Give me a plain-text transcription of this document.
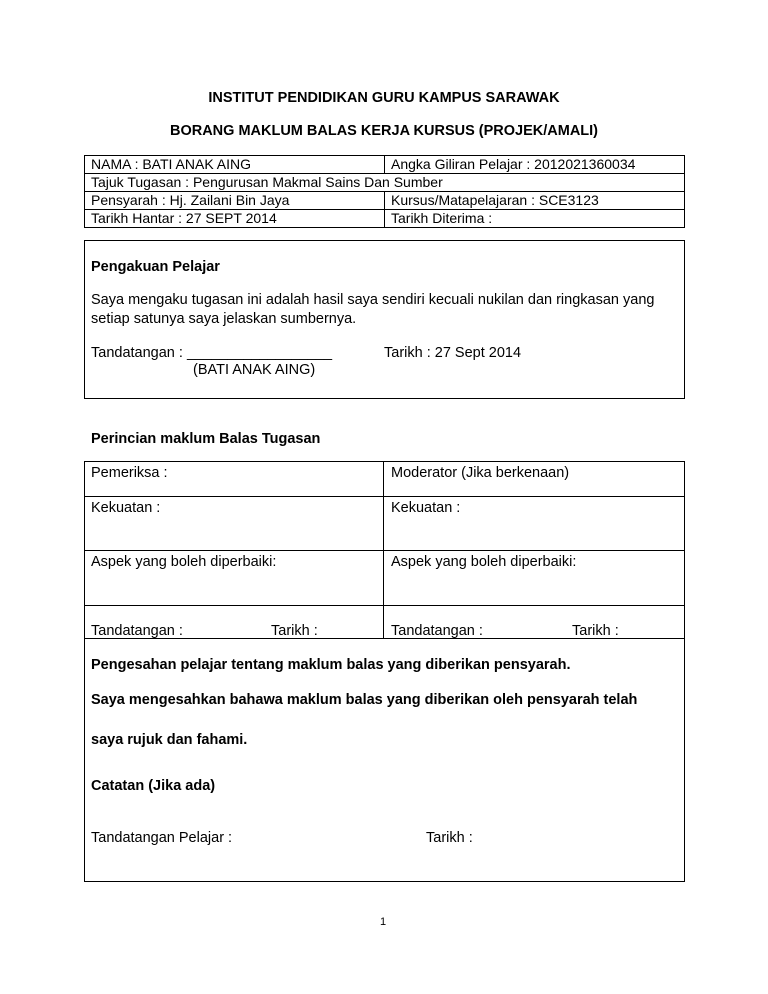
INSTITUT PENDIDIKAN GURU KAMPUS SARAWAK
BORANG MAKLUM BALAS KERJA KURSUS (PROJEK/AMALI)
NAMA : BATI ANAK AING	Angka Giliran Pelajar : 2012021360034
Tajuk Tugasan : Pengurusan Makmal Sains Dan Sumber	
Pensyarah : Hj. Zailani Bin Jaya	Kursus/Matapelajaran : SCE3123
Tarikh Hantar : 27 SEPT 2014	Tarikh Diterima :
Pengakuan Pelajar
Saya mengaku tugasan ini adalah hasil saya sendiri kecuali nukilan dan ringkasan yang
setiap satunya saya jelaskan sumbernya.
Tandatangan : __________________	Tarikh : 27 Sept 2014
(BATI ANAK AING)
Perincian maklum Balas Tugasan
Pemeriksa :	Moderator (Jika berkenaan)
Kekuatan :	Kekuatan :
Aspek yang boleh diperbaiki:	Aspek yang boleh diperbaiki:
Tandatangan :	Tarikh :	Tandatangan :	Tarikh :
Pengesahan pelajar tentang maklum balas yang diberikan pensyarah.
Saya mengesahkan bahawa maklum balas yang diberikan oleh pensyarah telah
saya rujuk dan fahami.
Catatan (Jika ada)
Tandatangan Pelajar :	Tarikh :
1
